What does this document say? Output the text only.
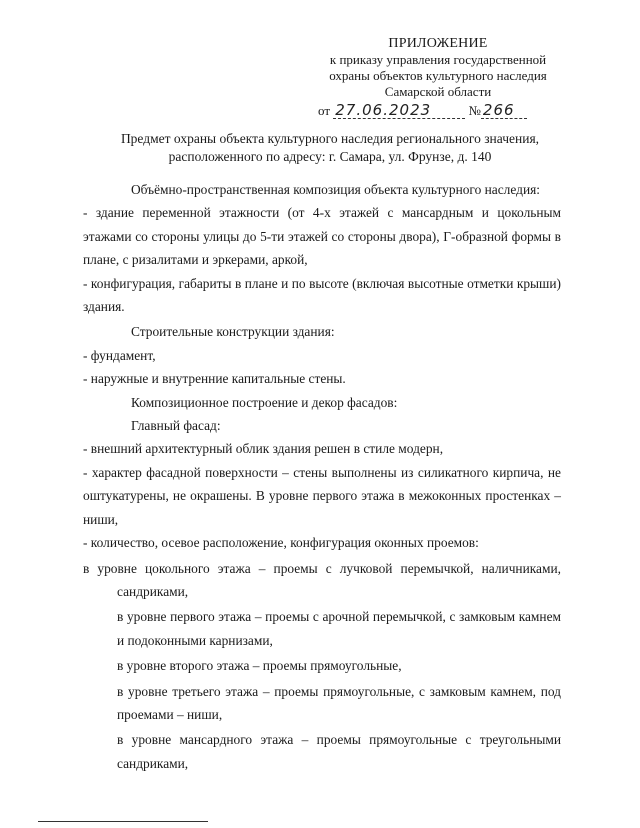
ПРИЛОЖЕНИЕ
к приказу управления государственной
охраны объектов культурного наследия
Самарской области
от 27.06.2023	№ 266
Предмет охраны объекта культурного наследия регионального значения,
расположенного по адресу: г. Самара, ул. Фрунзе, д. 140

Объёмно-пространственная композиция объекта культурного наследия:

- здание переменной этажности (от 4-х этажей с мансардным и цокольным этажами со стороны улицы до 5-ти этажей со стороны двора), Г-образной формы в плане, с ризалитами и эркерами, аркой,

- конфигурация, габариты в плане и по высоте (включая высотные отметки крыши) здания.

Строительные конструкции здания:

- фундамент,

- наружные и внутренние капитальные стены.

Композиционное построение и декор фасадов:

Главный фасад:

- внешний архитектурный облик здания решен в стиле модерн,

- характер фасадной поверхности – стены выполнены из силикатного кирпича, не оштукатурены, не окрашены. В уровне первого этажа в межоконных простенках – ниши,

- количество, осевое расположение, конфигурация оконных проемов:

в уровне цокольного этажа – проемы с лучковой перемычкой, наличниками, сандриками,

в уровне первого этажа – проемы с арочной перемычкой, с замковым камнем и подоконными карнизами,

в уровне второго этажа – проемы прямоугольные,

в уровне третьего этажа – проемы прямоугольные, с замковым камнем, под проемами – ниши,

в уровне мансардного этажа – проемы прямоугольные с треугольными сандриками,
